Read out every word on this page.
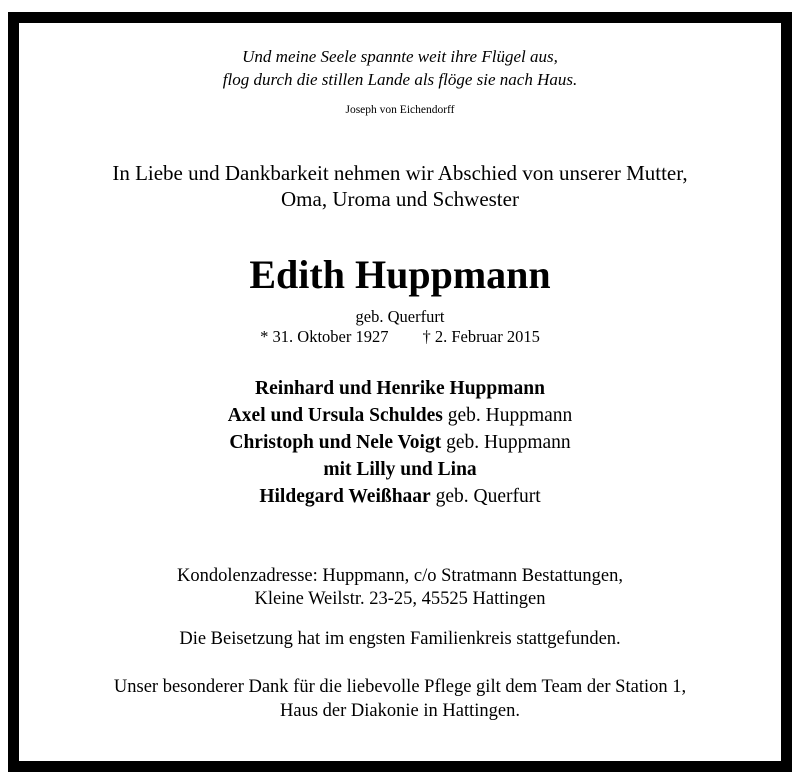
Und meine Seele spannte weit ihre Flügel aus,
flog durch die stillen Lande als flöge sie nach Haus.
Joseph von Eichendorff
In Liebe und Dankbarkeit nehmen wir Abschied von unserer Mutter,
Oma, Uroma und Schwester
Edith Huppmann
geb. Querfurt
* 31. Oktober 1927 † 2. Februar 2015
Reinhard und Henrike Huppmann
Axel und Ursula Schuldes geb. Huppmann
Christoph und Nele Voigt geb. Huppmann
mit Lilly und Lina
Hildegard Weißhaar geb. Querfurt
Kondolenzadresse: Huppmann, c/o Stratmann Bestattungen,
Kleine Weilstr. 23-25, 45525 Hattingen
Die Beisetzung hat im engsten Familienkreis stattgefunden.
Unser besonderer Dank für die liebevolle Pflege gilt dem Team der Station 1,
Haus der Diakonie in Hattingen.
